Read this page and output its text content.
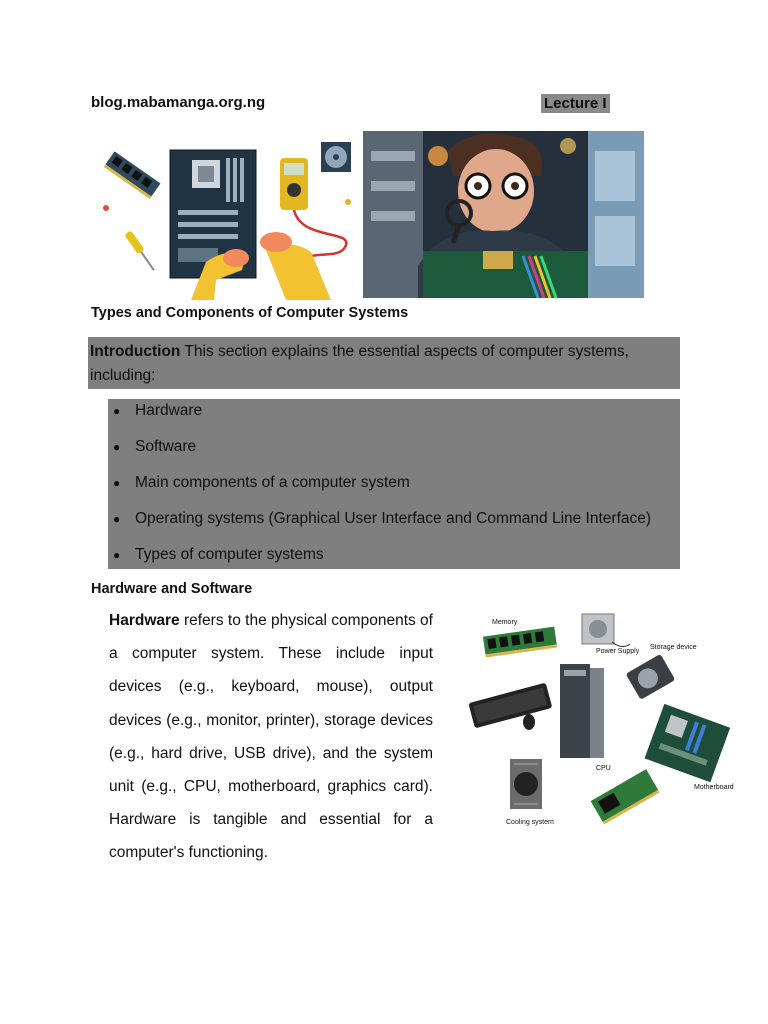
blog.mabamanga.org.ng	Lecture I
Types and Components of Computer Systems
Introduction This section explains the essential aspects of computer systems, including:
● Hardware
● Software
● Main components of a computer system
● Operating systems (Graphical User Interface and Command Line Interface)
● Types of computer systems
Hardware and Software
Hardware refers to the physical components of a computer system. These include input devices (e.g., keyboard, mouse), output devices (e.g., monitor, printer), storage devices (e.g., hard drive, USB drive), and the system unit (e.g., CPU, motherboard, graphics card). Hardware is tangible and essential for a computer's functioning.
Memory
Power Supply
Storage device
CPU
Motherboard
Cooling system
